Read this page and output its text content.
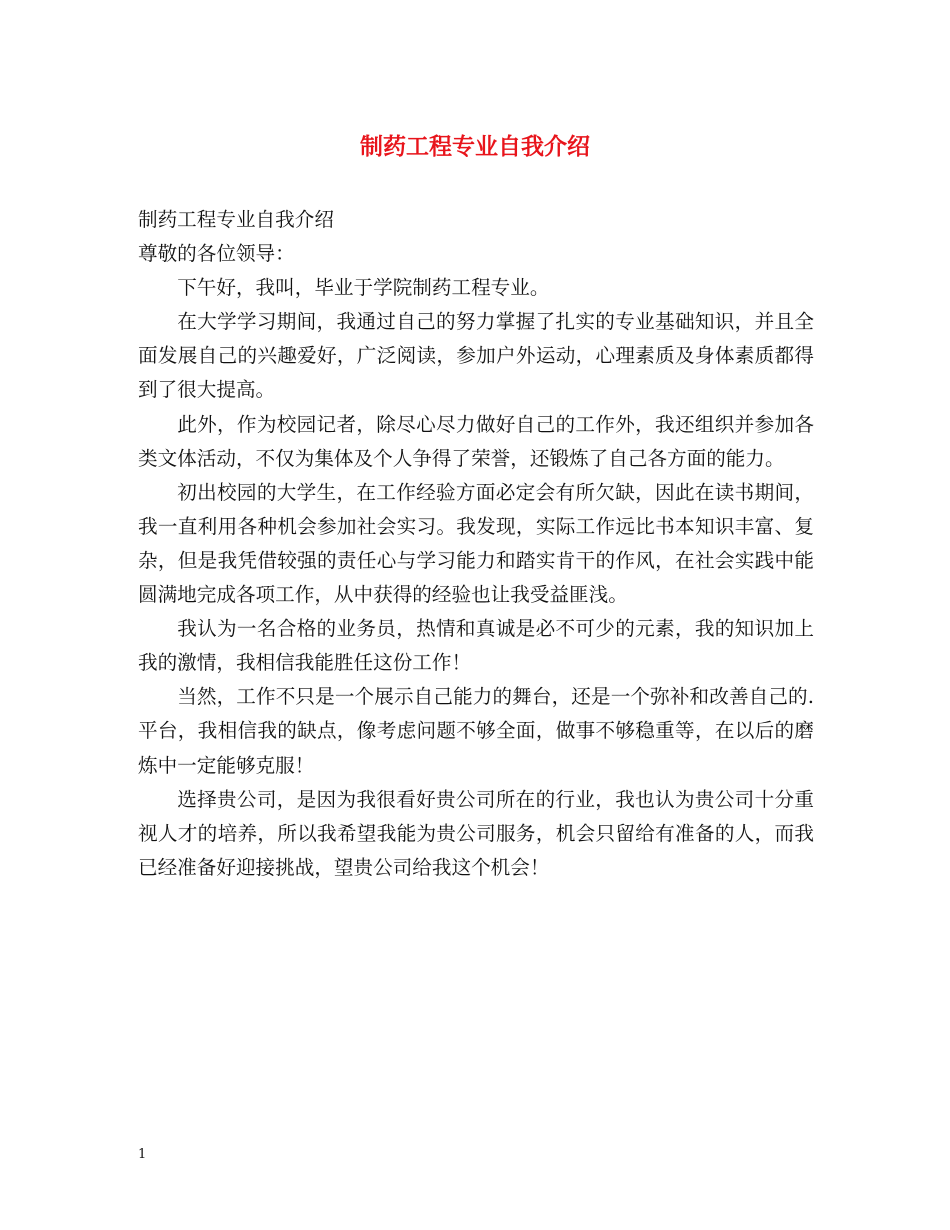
制药工程专业自我介绍

制药工程专业自我介绍

尊敬的各位领导：

下午好，我叫，毕业于学院制药工程专业。

在大学学习期间，我通过自己的努力掌握了扎实的专业基础知识，并且全面发展自己的兴趣爱好，广泛阅读，参加户外运动，心理素质及身体素质都得到了很大提高。

此外，作为校园记者，除尽心尽力做好自己的工作外，我还组织并参加各类文体活动，不仅为集体及个人争得了荣誉，还锻炼了自己各方面的能力。

初出校园的大学生，在工作经验方面必定会有所欠缺，因此在读书期间，我一直利用各种机会参加社会实习。我发现，实际工作远比书本知识丰富、复杂，但是我凭借较强的责任心与学习能力和踏实肯干的作风，在社会实践中能圆满地完成各项工作，从中获得的经验也让我受益匪浅。

我认为一名合格的业务员，热情和真诚是必不可少的元素，我的知识加上我的激情，我相信我能胜任这份工作！

当然，工作不只是一个展示自己能力的舞台，还是一个弥补和改善自己的. 平台，我相信我的缺点，像考虑问题不够全面，做事不够稳重等，在以后的磨炼中一定能够克服！

选择贵公司，是因为我很看好贵公司所在的行业，我也认为贵公司十分重视人才的培养，所以我希望我能为贵公司服务，机会只留给有准备的人，而我已经准备好迎接挑战，望贵公司给我这个机会！

1
